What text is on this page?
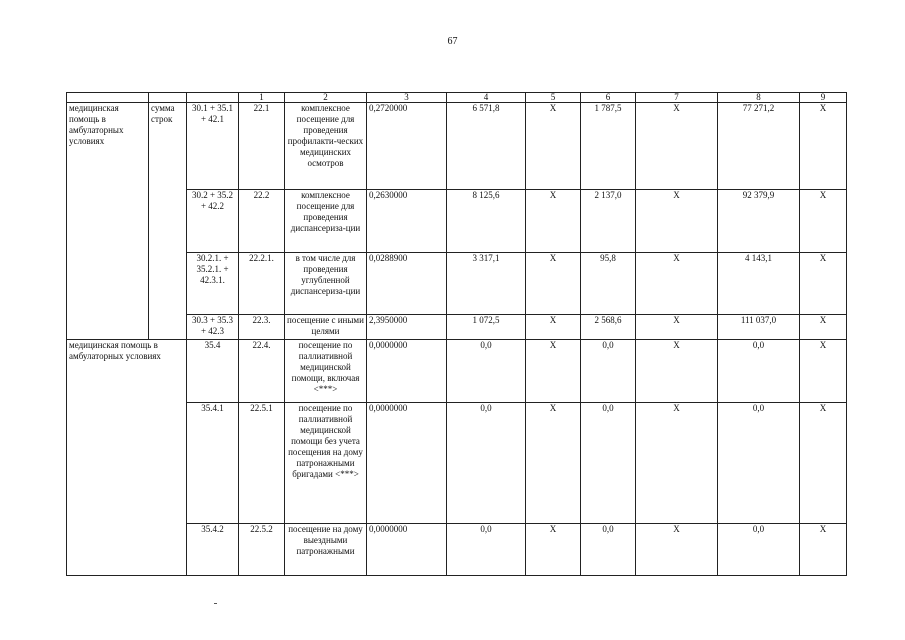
67
			1	2	3	4	5	6	7	8	9
медицинская помощь в амбулаторных условиях	сумма строк	30.1 + 35.1 + 42.1	22.1	комплексное посещение для проведения профилакти-ческих медицинских осмотров	0,2720000	6 571,8	X	1 787,5	X	77 271,2	X
		30.2 + 35.2 + 42.2	22.2	комплексное посещение для проведения диспансериза-ции	0,2630000	8 125,6	X	2 137,0	X	92 379,9	X
		30.2.1. + 35.2.1. + 42.3.1.	22.2.1.	в том числе для проведения углубленной диспансериза-ции	0,0288900	3 317,1	X	95,8	X	4 143,1	X
		30.3 + 35.3 + 42.3	22.3.	посещение с иными целями	2,3950000	1 072,5	X	2 568,6	X	111 037,0	X
медицинская помощь в амбулаторных условиях		35.4	22.4.	посещение по паллиативной медицинской помощи, включая <***>	0,0000000	0,0	X	0,0	X	0,0	X
		35.4.1	22.5.1	посещение по паллиативной медицинской помощи без учета посещения на дому патронажными бригадами <***>	0,0000000	0,0	X	0,0	X	0,0	X
		35.4.2	22.5.2	посещение на дому выездными патронажными	0,0000000	0,0	X	0,0	X	0,0	X
